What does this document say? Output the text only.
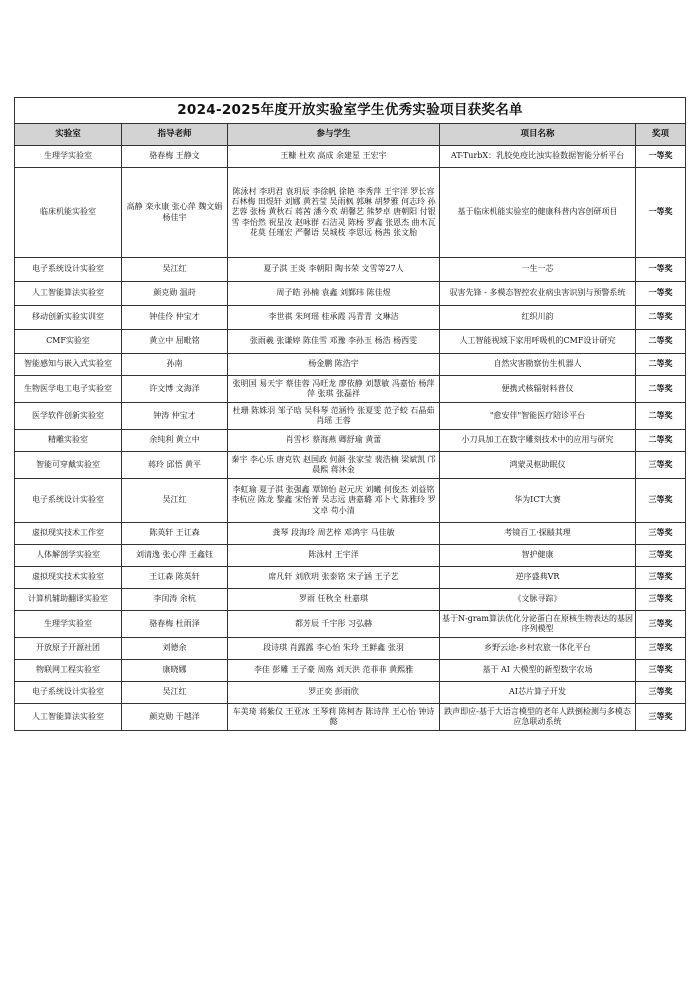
2024-2025年度开放实验室学生优秀实验项目获奖名单				
实验室	指导老师	参与学生	项目名称	奖项
生理学实验室	骆春梅 王静文	王糠 杜欢 高成 余建星 王宏宇	AT-TurbX：乳胶免疫比浊实验数据智能分析平台	一等奖
临床机能实验室	高静 栾永康 张心萍 魏文娟 杨佳宇	陈泳村 李玥君 袁玥辰 李徐帆 徐艳 李秀萍 王宇洋 罗长容 石林梅 田煜轩 刘娜 黄若莹 吴雨枫 郭琳 胡梦雅 何志玲 孙艺蓉 张杨 黄秋石 蒋茜 潘今欢 胡馨艺 熊梦卓 唐朝阳 付银雪 李怡然 祝星汝 赵咏群 石洁灵 陈杨 罗鑫 张恩杰 曲木瓦花莫 任瑾宏 严馨语 吴城枝 李思远 杨茜 张文胎	基于临床机能实验室的健康科普内容创研项目	一等奖
电子系统设计实验室	吴江红	夏子淇 王炎 李朝阳 陶书荣 文雪等27人	一生一芯	一等奖
人工智能算法实验室	颜克勋 温莳	周子皓 孙楠 袁鑫 刘鄞玮 陈佳煜	驭害先锋 - 多模态智控农业病虫害识别与预警系统	一等奖
移动创新实验实训室	钟佳伶 仲宝才	李世祺 朱珂瑶 桂承霞 冯青青 文琳洁	红织川韵	二等奖
CMF实验室	黄立中 屈毗铭	张雨羲 张谦婷 陈佳雪 邓豫 李孙玉 杨浩 杨西雯	人工智能视域下家用呼吸机的CMF设计研究	二等奖
智能感知与嵌入式实验室	孙南	杨金鹏 陈浩宇	自然灾害勘察仿生机器人	二等奖
生物医学电工电子实验室	许文博 文海洋	张明国 易天宇 蔡佳蓉 冯旺龙 廖依静 刘慧敏 冯嘉怡 杨萍萍 张琪 张磊祥	便携式核辐射料普仪	二等奖
医学软件创新实验室	钟涛 仲宝才	杜珊 陈姝羽 邹子晗 吴科琴 范涵怜 张夏雯 范子蛟 石晶茹 肖瑶 王蓉	"愈安伴"智能医疗陪诊平台	二等奖
精雕实验室	余纯利 黄立中	肖雪杉 蔡海燕 卿舒瑜 黄蕾	小刀具加工在数字雕刻技术中的应用与研究	二等奖
智能可穿戴实验室	蒋玲 邱悟 黄平	秦宇 李心乐 唐克钦 赵国政 何颜 张家莹 裴浩楠 梁斌凯 邝晨熙 蒋沐金	鸿蒙灵枢助眠仪	三等奖
电子系统设计实验室	吴江红	李虹瑜 夏子淇 张强鑫 覃锦怡 赵元庆 刘曦 何俊杰 刘益铭 李杭应 陈龙 黎鑫 宋怡菁 吴志远 唐嘉璐 邓卜弋 陈雅玲 罗文卓 苟小清	华为ICT大赛	三等奖
虚拟现实技术工作室	陈英轩 王讧森	龚琴 段海玲 周艺梓 邓鸿宇 马佳敏	考镜百工·探赜其理	三等奖
人体解剖学实验室	刘清逸 张心萍 王鑫钰	陈泳村 王宇洋	智护健康	三等奖
虚拟现实技术实验室	王讧森 陈英轩	席凡轩 刘欣玥 张泰铭 宋子涵 王子艺	逆序盛典VR	三等奖
计算机辅助翻译实验室	李闰涛 余杭	罗雨 任秋全 杜嘉琪	《文脉寻踪》	三等奖
生理学实验室	骆春梅 杜雨泽	都芳辰 千宇彤 习弘赫	基于N-gram算法优化分泌蛋白在原核生物表达的基因序列模型	三等奖
开放原子开源社团	刘德余	段诗琪 肖露露 李心怡 朱玲 王鲜鑫 张羽	乡野云途-乡村农旅一体化平台	三等奖
物联网工程实验室	康晓娜	李佳 彭雕 王子豪 周殇 刘天洪 范菲菲 黄熙雅	基于 AI 大模型的新型数字农场	三等奖
电子系统设计实验室	吴江红	罗正奕 彭雨欣	AI芯片算子开发	三等奖
人工智能算法实验室	颜克勋 于越洋	车美琦 蒋紫仪 王亚冰 王琴莉 陈柯杏 陈诗萍 王心怡 钟诗懿	跌声即应-基于大语言模型的老年人跌倒检测与多模态应急联动系统	三等奖
